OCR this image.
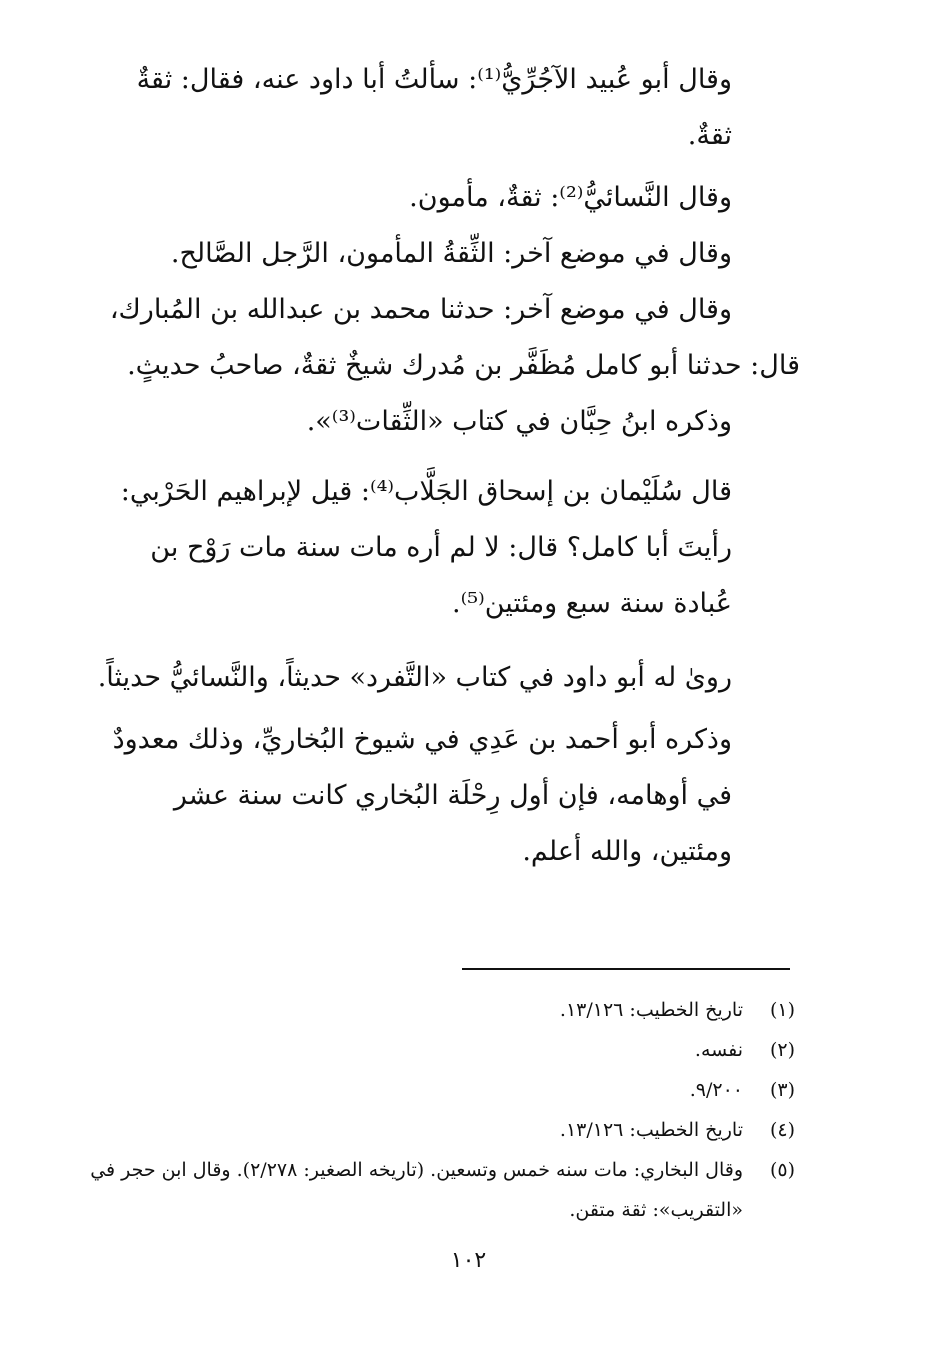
وقال أبو عُبيد الآجُرِّيُّ⁽¹⁾: سألتُ أبا داود عنه، فقال: ثقةٌ ثقةٌ.

وقال النَّسائيُّ⁽²⁾: ثقةٌ، مأمون.

وقال في موضع آخر: الثِّقةُ المأمون، الرَّجل الصَّالح.

وقال في موضع آخر: حدثنا محمد بن عبدالله بن المُبارك،

قال: حدثنا أبو كامل مُظَفَّر بن مُدرك شيخٌ ثقةٌ، صاحبُ حديثٍ.

وذكره ابنُ حِبَّان في كتاب «الثِّقات⁽³⁾».

قال سُلَيْمان بن إسحاق الجَلَّاب⁽⁴⁾: قيل لإبراهيم الحَرْبي: رأيتَ أبا كامل؟ قال: لا لم أره مات سنة مات رَوْح بن عُبادة سنة سبع ومئتين⁽⁵⁾.

روىٰ له أبو داود في كتاب «التَّفرد» حديثاً، والنَّسائيُّ حديثاً.

وذكره أبو أحمد بن عَدِي في شيوخ البُخاريِّ، وذلك معدودٌ في أوهامه، فإن أول رِحْلَة البُخاري كانت سنة عشر ومئتين، والله أعلم.

(١)
تاريخ الخطيب: ١٣/١٢٦.

(٢)
نفسه.

(٣)
٩/٢٠٠.

(٤)
تاريخ الخطيب: ١٣/١٢٦.

(٥)
وقال البخاري: مات سنه خمس وتسعين. (تاريخه الصغير: ٢/٢٧٨). وقال ابن حجر في «التقريب»: ثقة متقن.

١٠٢
